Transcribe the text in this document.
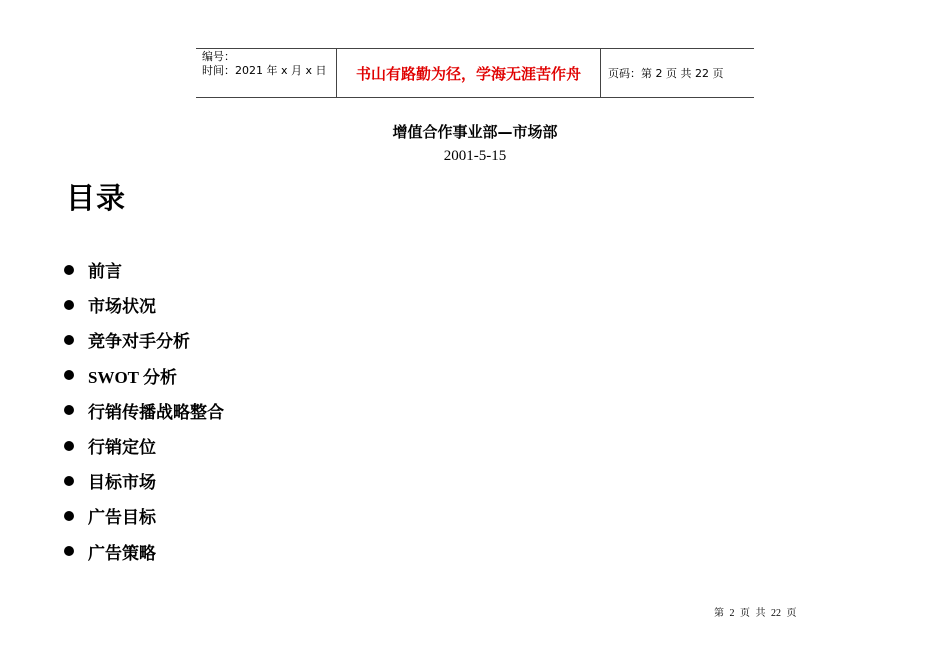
编号：
时间：2021 年 x 月 x 日	书山有路勤为径，学海无涯苦作舟	页码：第 2 页 共 22 页
增值合作事业部—市场部
2001-5-15
目录
前言
市场状况
竞争对手分析
SWOT 分析
行销传播战略整合
行销定位
目标市场
广告目标
广告策略
第 2 页 共 22 页
